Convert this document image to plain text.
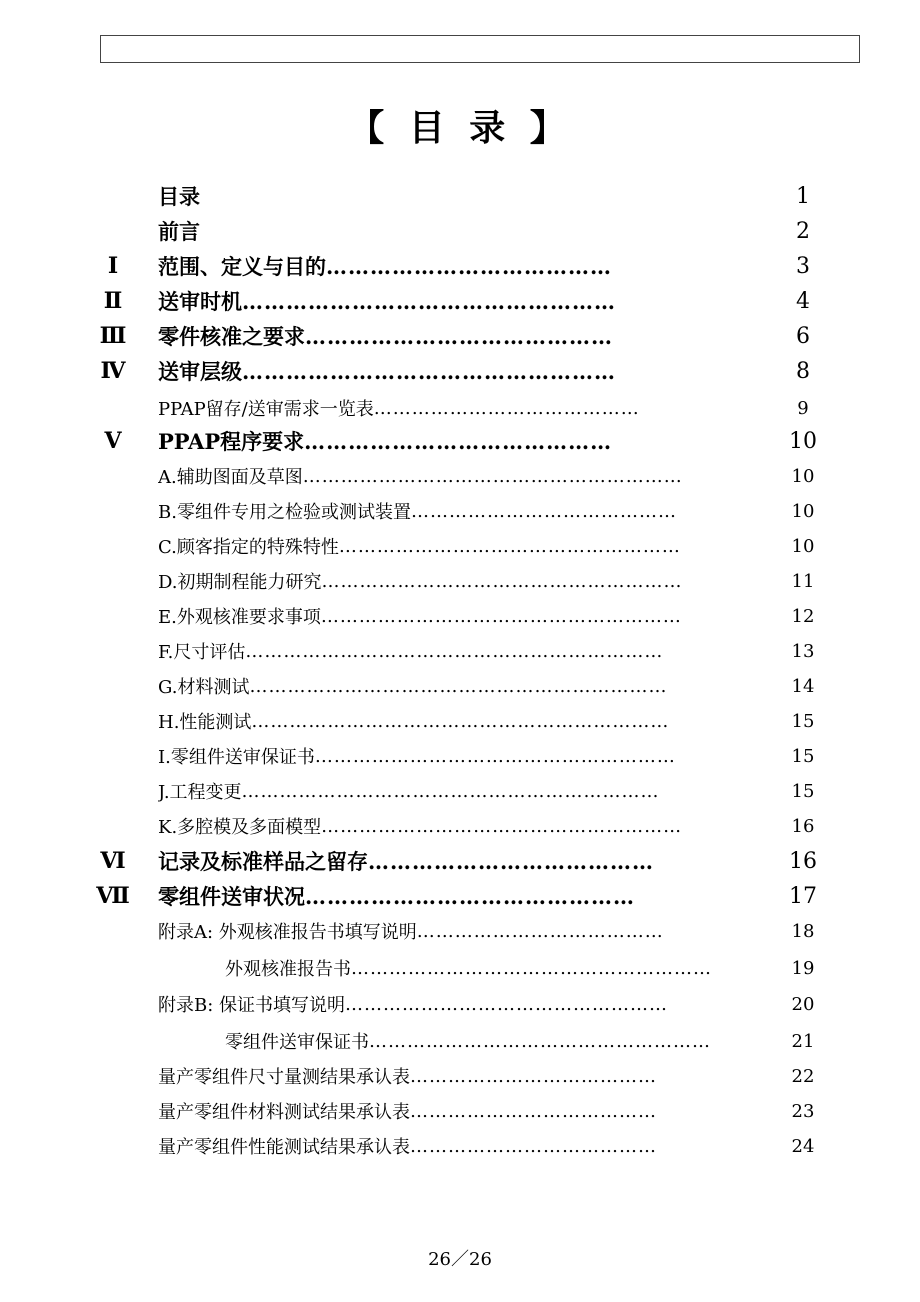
【 目 录 】
目录	1
前言	2
Ⅰ	范围、定义与目的 …………………………………	3
Ⅱ	送审时机 ……………………………………………	4
Ⅲ	零件核准之要求 ……………………………………	6
Ⅳ	送审层级 ……………………………………………	8
PPAP留存/送审需求一览表 ……………………………………	9
Ⅴ	PPAP程序要求 ……………………………………	10
A.辅助图面及草图 ……………………………………………………	10
B.零组件专用之检验或测试装置 ……………………………………	10
C.顾客指定的特殊特性 ………………………………………………	10
D.初期制程能力研究 …………………………………………………	11
E.外观核准要求事项 …………………………………………………	12
F.尺寸评估 …………………………………………………………	13
G.材料测试 …………………………………………………………	14
H.性能测试 …………………………………………………………	15
I.零组件送审保证书 …………………………………………………	15
J.工程变更 …………………………………………………………	15
K.多腔模及多面模型 …………………………………………………	16
Ⅵ	记录及标准样品之留存 …………………………………	16
Ⅶ 零组件送审状况 ………………………………………	17
附录A: 外观核准报告书填写说明 …………………………………	18
外观核准报告书 …………………………………………………	19
附录B: 保证书填写说明 ……………………………………………	20
零组件送审保证书 ………………………………………………	21
量产零组件尺寸量测结果承认表 …………………………………	22
量产零组件材料测试结果承认表 …………………………………	23
量产零组件性能测试结果承认表 …………………………………	24
26／26
